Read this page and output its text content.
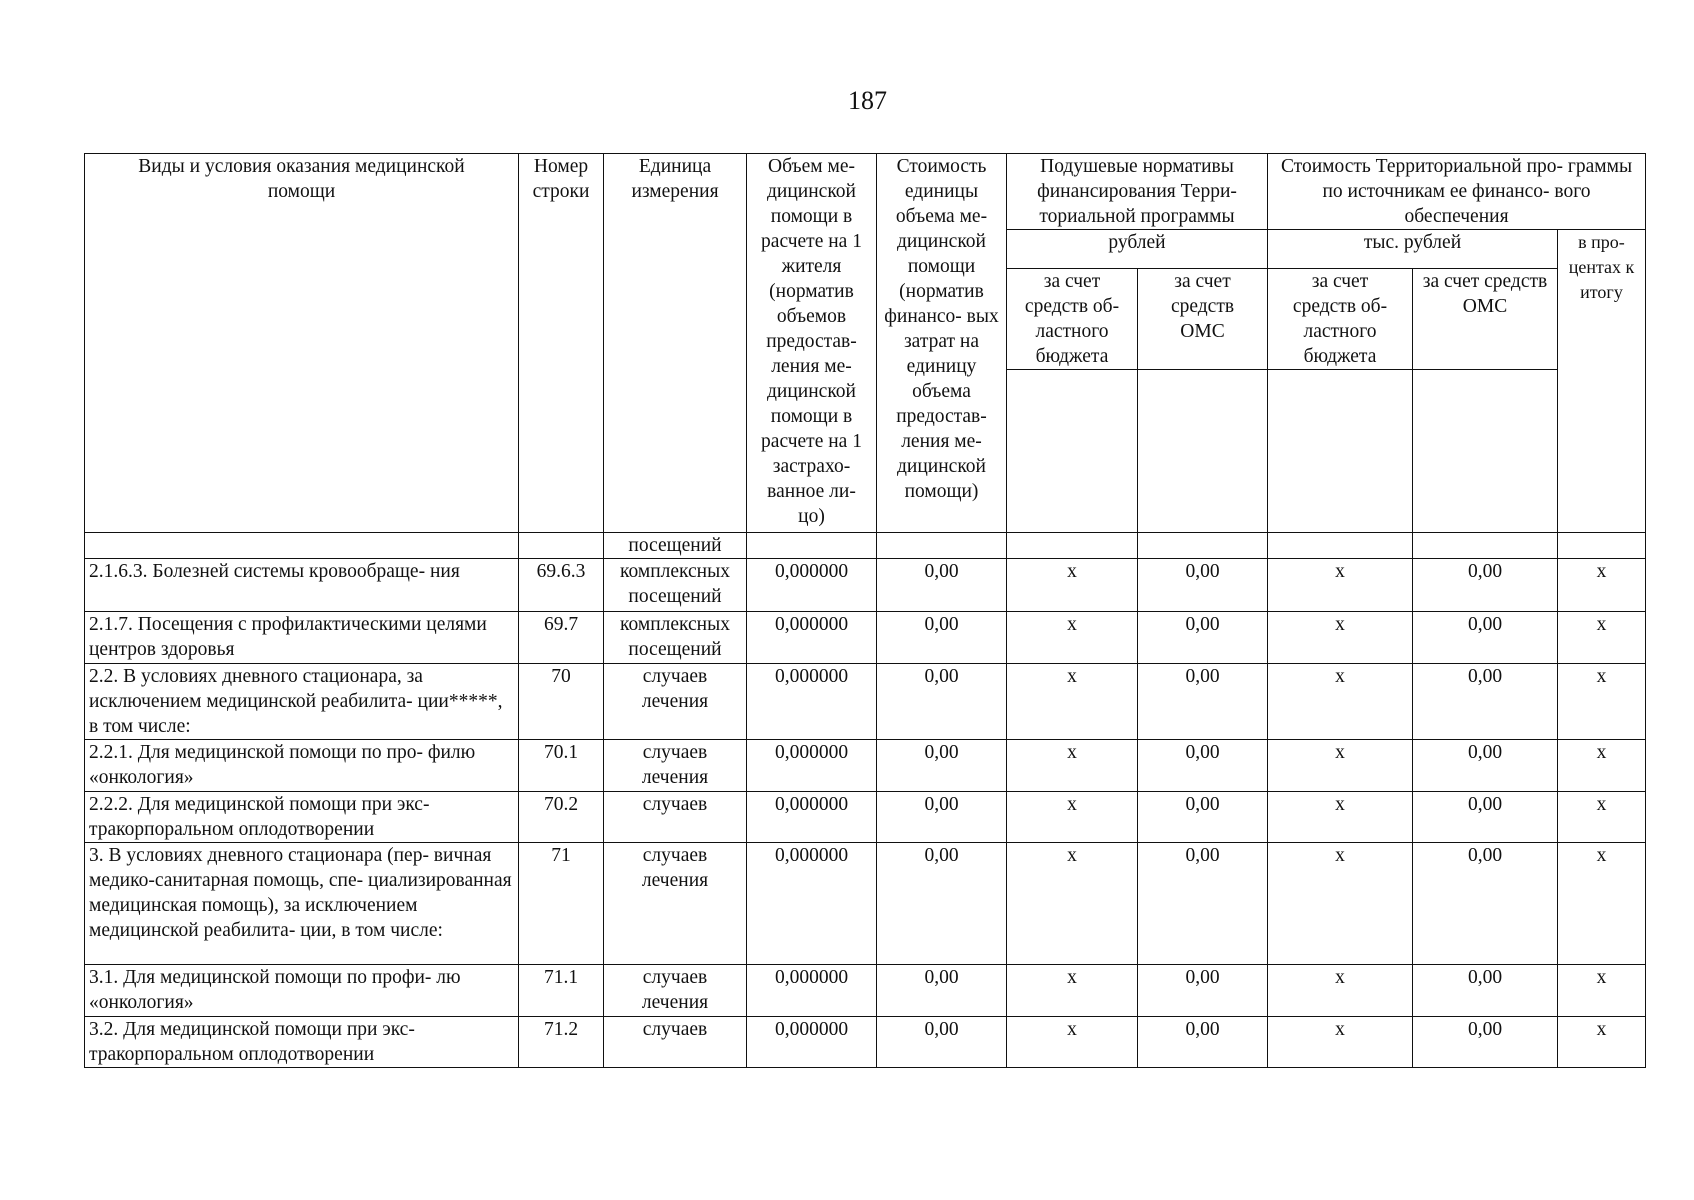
187
Виды и условия оказания медицинской помощи	Номер строки	Единица измерения	Объем ме- дицинской помощи в расчете на 1 жителя (норматив объемов предостав- ления ме- дицинской помощи в расчете на 1 застрахо- ванное ли- цо)	Стоимость единицы объема ме- дицинской помощи (норматив финансо- вых затрат на единицу объема предостав- ления ме- дицинской помощи)	Подушевые нормативы финансирования Терри- ториальной программы		Стоимость Территориальной про- граммы по источникам ее финансо- вого обеспечения		
					рублей		тыс. рублей		в про- центах к итогу
					за счет средств об- ластного бюджета	за счет средств ОМС	за счет средств об- ластного бюджета	за счет средств ОМС	

		посещений							
2.1.6.3. Болезней системы кровообраще- ния	69.6.3	комплексных посещений	0,000000	0,00	x	0,00	x	0,00	x
2.1.7. Посещения с профилактическими целями центров здоровья	69.7	комплексных посещений	0,000000	0,00	x	0,00	x	0,00	x
2.2. В условиях дневного стационара, за исключением медицинской реабилита- ции*****, в том числе:	70	случаев лечения	0,000000	0,00	x	0,00	x	0,00	x
2.2.1. Для медицинской помощи по про- филю «онкология»	70.1	случаев лечения	0,000000	0,00	x	0,00	x	0,00	x
2.2.2. Для медицинской помощи при экс- тракорпоральном оплодотворении	70.2	случаев	0,000000	0,00	x	0,00	x	0,00	x
3. В условиях дневного стационара (пер- вичная медико-санитарная помощь, спе- циализированная медицинская помощь), за исключением медицинской реабилита- ции, в том числе:	71	случаев лечения	0,000000	0,00	x	0,00	x	0,00	x
3.1. Для медицинской помощи по профи- лю «онкология»	71.1	случаев лечения	0,000000	0,00	x	0,00	x	0,00	x
3.2. Для медицинской помощи при экс- тракорпоральном оплодотворении	71.2	случаев	0,000000	0,00	x	0,00	x	0,00	x
